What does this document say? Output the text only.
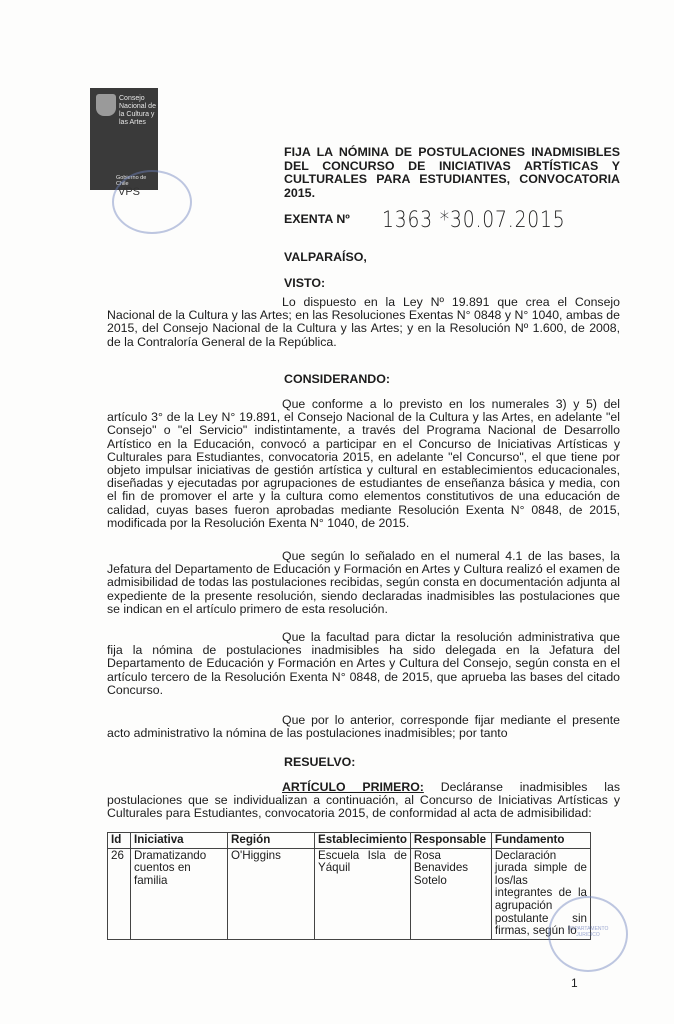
Consejo Nacional de la Cultura y las Artes
Gobierno de Chile
VPS
FIJA LA NÓMINA DE POSTULACIONES INADMISIBLES DEL CONCURSO DE INICIATIVAS ARTÍSTICAS Y CULTURALES PARA ESTUDIANTES, CONVOCATORIA 2015.
EXENTA Nº 1363 *30.07.2015
VALPARAÍSO,
VISTO:
Lo dispuesto en la Ley Nº 19.891 que crea el Consejo Nacional de la Cultura y las Artes; en las Resoluciones Exentas N° 0848 y N° 1040, ambas de 2015, del Consejo Nacional de la Cultura y las Artes; y en la Resolución Nº 1.600, de 2008, de la Contraloría General de la República.
CONSIDERANDO:
Que conforme a lo previsto en los numerales 3) y 5) del artículo 3° de la Ley N° 19.891, el Consejo Nacional de la Cultura y las Artes, en adelante "el Consejo" o "el Servicio" indistintamente, a través del Programa Nacional de Desarrollo Artístico en la Educación, convocó a participar en el Concurso de Iniciativas Artísticas y Culturales para Estudiantes, convocatoria 2015, en adelante "el Concurso", el que tiene por objeto impulsar iniciativas de gestión artística y cultural en establecimientos educacionales, diseñadas y ejecutadas por agrupaciones de estudiantes de enseñanza básica y media, con el fin de promover el arte y la cultura como elementos constitutivos de una educación de calidad, cuyas bases fueron aprobadas mediante Resolución Exenta N° 0848, de 2015, modificada por la Resolución Exenta N° 1040, de 2015.
Que según lo señalado en el numeral 4.1 de las bases, la Jefatura del Departamento de Educación y Formación en Artes y Cultura realizó el examen de admisibilidad de todas las postulaciones recibidas, según consta en documentación adjunta al expediente de la presente resolución, siendo declaradas inadmisibles las postulaciones que se indican en el artículo primero de esta resolución.
Que la facultad para dictar la resolución administrativa que fija la nómina de postulaciones inadmisibles ha sido delegada en la Jefatura del Departamento de Educación y Formación en Artes y Cultura del Consejo, según consta en el artículo tercero de la Resolución Exenta N° 0848, de 2015, que aprueba las bases del citado Concurso.
Que por lo anterior, corresponde fijar mediante el presente acto administrativo la nómina de las postulaciones inadmisibles; por tanto
RESUELVO:
ARTÍCULO PRIMERO: Decláranse inadmisibles las postulaciones que se individualizan a continuación, al Concurso de Iniciativas Artísticas y Culturales para Estudiantes, convocatoria 2015, de conformidad al acta de admisibilidad:
Id	Iniciativa	Región	Establecimiento	Responsable	Fundamento
26	Dramatizando cuentos en familia	O'Higgins	Escuela Isla de Yáquil	Rosa Benavides Sotelo	Declaración jurada simple de los/las integrantes de la agrupación postulante sin firmas, según lo
DEPARTAMENTO JURIDICO
1
